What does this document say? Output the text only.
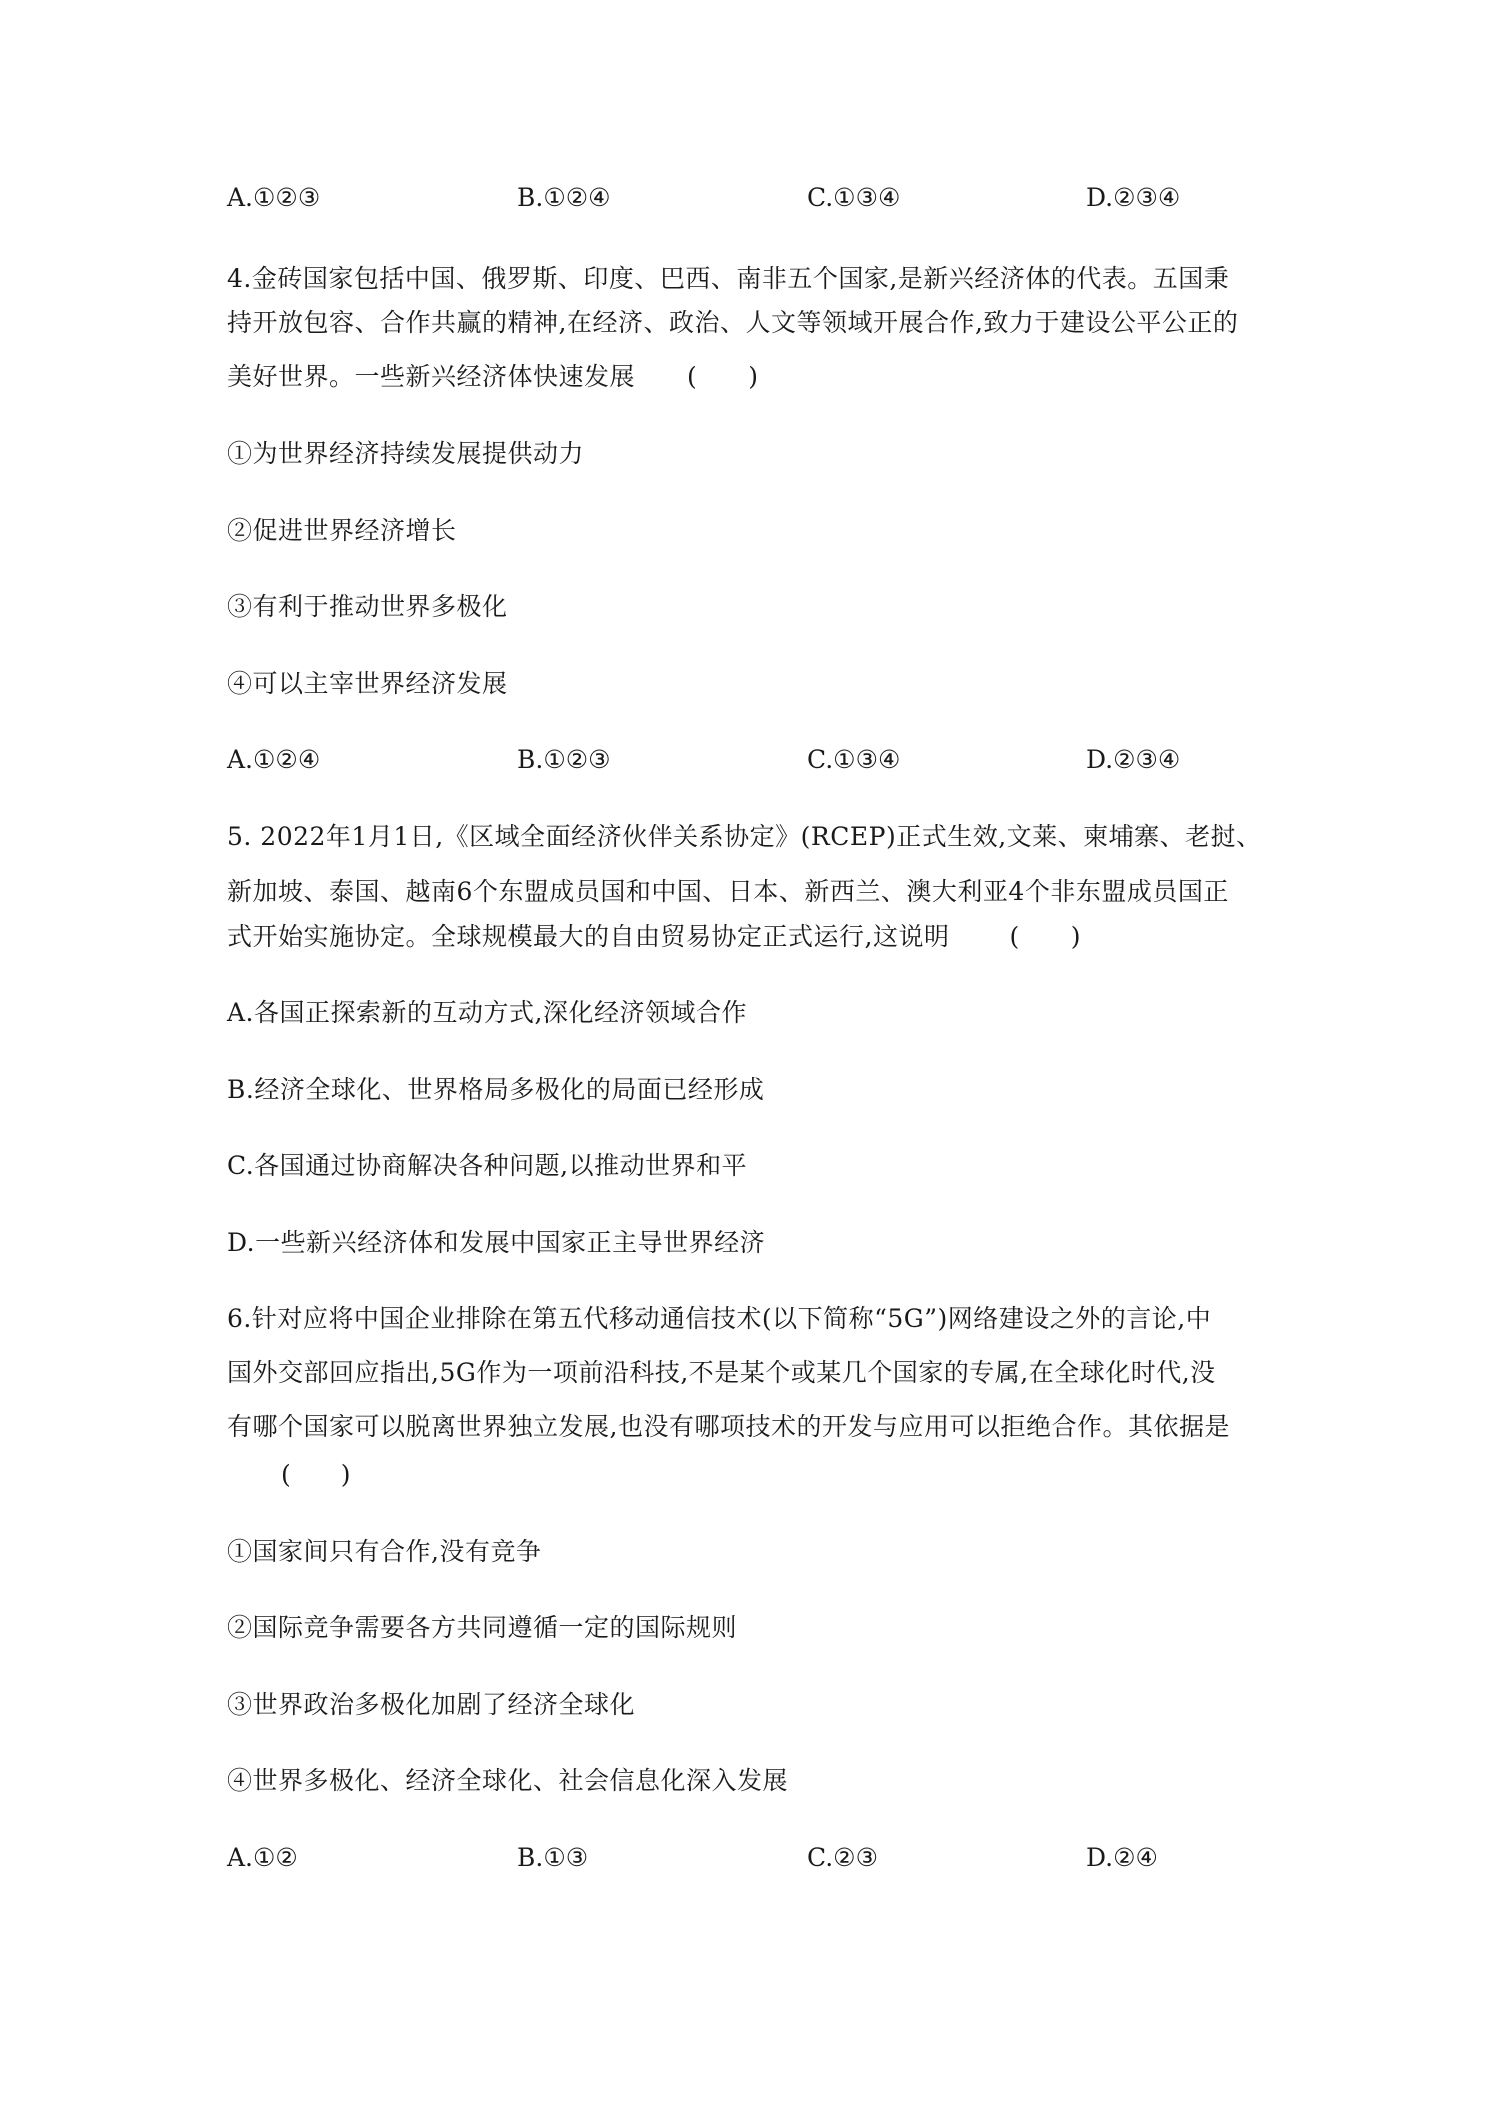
A.①②③	B.①②④	C.①③④	D.②③④
4.金砖国家包括中国、俄罗斯、印度、巴西、南非五个国家,是新兴经济体的代表。五国秉
持开放包容、合作共赢的精神,在经济、政治、人文等领域开展合作,致力于建设公平公正的
美好世界。一些新兴经济体快速发展 (　　)
①为世界经济持续发展提供动力
②促进世界经济增长
③有利于推动世界多极化
④可以主宰世界经济发展
A.①②④	B.①②③	C.①③④	D.②③④
5. 2022年1月1日,《区域全面经济伙伴关系协定》(RCEP)正式生效,文莱、柬埔寨、老挝、
新加坡、泰国、越南6个东盟成员国和中国、日本、新西兰、澳大利亚4个非东盟成员国正
式开始实施协定。全球规模最大的自由贸易协定正式运行,这说明 (　　)
A.各国正探索新的互动方式,深化经济领域合作
B.经济全球化、世界格局多极化的局面已经形成
C.各国通过协商解决各种问题,以推动世界和平
D.一些新兴经济体和发展中国家正主导世界经济
6.针对应将中国企业排除在第五代移动通信技术(以下简称“5G”)网络建设之外的言论,中
国外交部回应指出,5G作为一项前沿科技,不是某个或某几个国家的专属,在全球化时代,没
有哪个国家可以脱离世界独立发展,也没有哪项技术的开发与应用可以拒绝合作。其依据是
(　　)
①国家间只有合作,没有竞争
②国际竞争需要各方共同遵循一定的国际规则
③世界政治多极化加剧了经济全球化
④世界多极化、经济全球化、社会信息化深入发展
A.①②	B.①③	C.②③	D.②④
